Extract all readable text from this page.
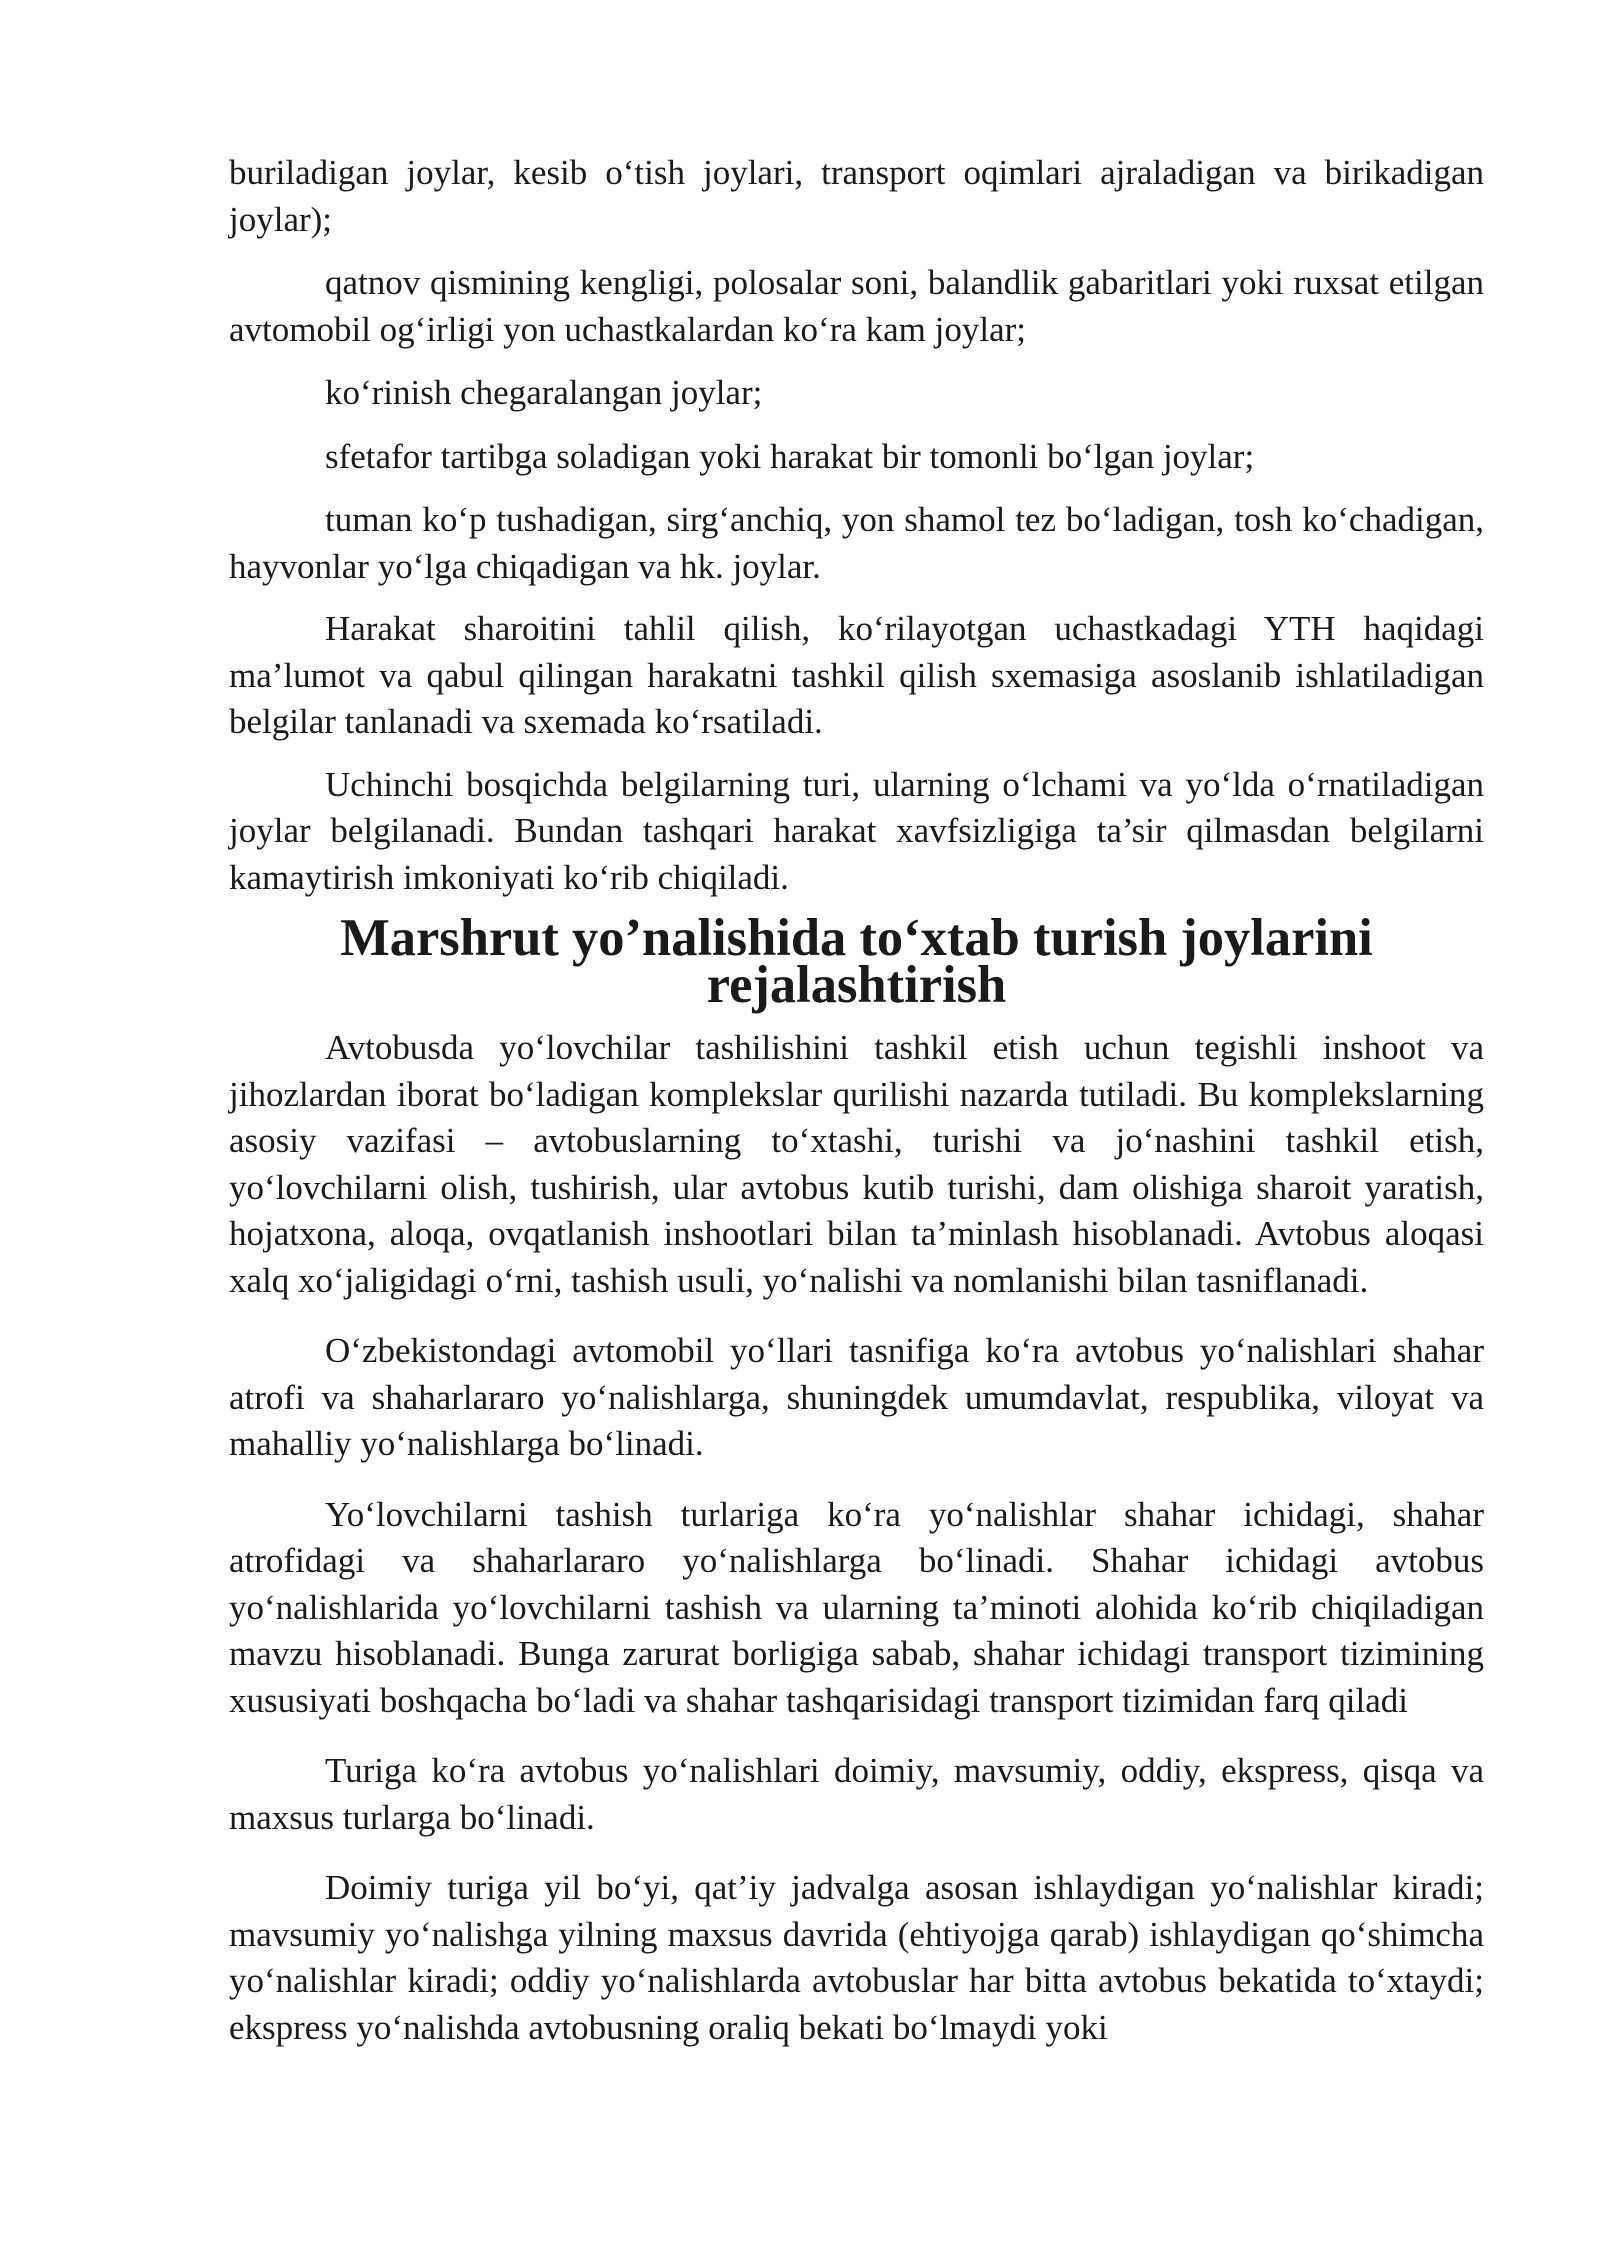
buriladigan joylar, kesib o‘tish joylari, transport oqimlari ajraladigan va birikadigan joylar);

qatnov qismining kengligi, polosalar soni, balandlik gabaritlari yoki ruxsat etilgan avtomobil og‘irligi yon uchastkalardan ko‘ra kam joylar;

ko‘rinish chegaralangan joylar;

sfetafor tartibga soladigan yoki harakat bir tomonli bo‘lgan joylar;

tuman ko‘p tushadigan, sirg‘anchiq, yon shamol tez bo‘ladigan, tosh ko‘chadigan, hayvonlar yo‘lga chiqadigan va hk. joylar.

Harakat sharoitini tahlil qilish, ko‘rilayotgan uchastkadagi YTH haqidagi ma’lumot va qabul qilingan harakatni tashkil qilish sxemasiga asoslanib ishlatiladigan belgilar tanlanadi va sxemada ko‘rsatiladi.

Uchinchi bosqichda belgilarning turi, ularning o‘lchami va yo‘lda o‘rnatiladigan joylar belgilanadi. Bundan tashqari harakat xavfsizligiga ta’sir qilmasdan belgilarni kamaytirish imkoniyati ko‘rib chiqiladi.

Marshrut yo’nalishida to‘xtab turish joylarini rejalashtirish

Avtobusda yo‘lovchilar tashilishini tashkil etish uchun tegishli inshoot va jihozlardan iborat bo‘ladigan komplekslar qurilishi nazarda tutiladi. Bu komplekslarning asosiy vazifasi – avtobuslarning to‘xtashi, turishi va jo‘nashini tashkil etish, yo‘lovchilarni olish, tushirish, ular avtobus kutib turishi, dam olishiga sharoit yaratish, hojatxona, aloqa, ovqatlanish inshootlari bilan ta’minlash hisoblanadi. Avtobus aloqasi xalq xo‘jaligidagi o‘rni, tashish usuli, yo‘nalishi va nomlanishi bilan tasniflanadi.

O‘zbekistondagi avtomobil yo‘llari tasnifiga ko‘ra avtobus yo‘nalishlari shahar atrofi va shaharlararo yo‘nalishlarga, shuningdek umumdavlat, respublika, viloyat va mahalliy yo‘nalishlarga bo‘linadi.

Yo‘lovchilarni tashish turlariga ko‘ra yo‘nalishlar shahar ichidagi, shahar atrofidagi va shaharlararo yo‘nalishlarga bo‘linadi. Shahar ichidagi avtobus yo‘nalishlarida yo‘lovchilarni tashish va ularning ta’minoti alohida ko‘rib chiqiladigan mavzu hisoblanadi. Bunga zarurat borligiga sabab, shahar ichidagi transport tizimining xususiyati boshqacha bo‘ladi va shahar tashqarisidagi transport tizimidan farq qiladi

Turiga ko‘ra avtobus yo‘nalishlari doimiy, mavsumiy, oddiy, ekspress, qisqa va maxsus turlarga bo‘linadi.

Doimiy turiga yil bo‘yi, qat’iy jadvalga asosan ishlaydigan yo‘nalishlar kiradi; mavsumiy yo‘nalishga yilning maxsus davrida (ehtiyojga qarab) ishlaydigan qo‘shimcha yo‘nalishlar kiradi; oddiy yo‘nalishlarda avtobuslar har bitta avtobus bekatida to‘xtaydi; ekspress yo‘nalishda avtobusning oraliq bekati bo‘lmaydi yoki
